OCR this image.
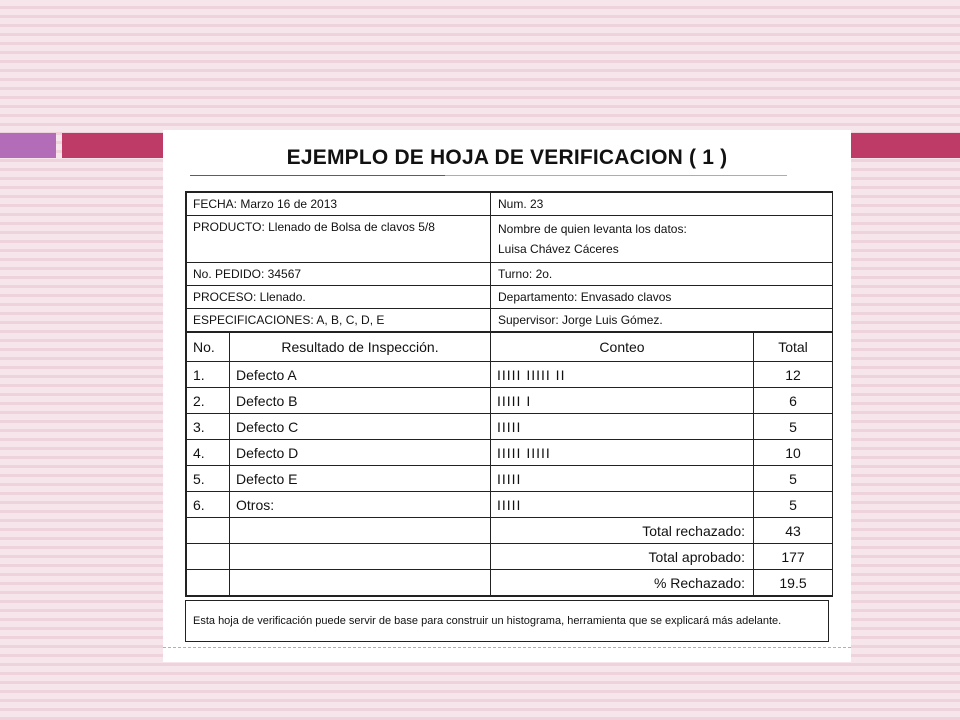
EJEMPLO DE HOJA DE VERIFICACION ( 1 )
FECHA: Marzo 16 de 2013	Num. 23
PRODUCTO: Llenado de Bolsa de clavos 5/8	Nombre de quien levanta los datos:
Luisa Chávez Cáceres

No. PEDIDO: 34567	Turno: 2o.
PROCESO: Llenado.	Departamento: Envasado clavos
ESPECIFICACIONES: A, B, C, D, E	Supervisor: Jorge Luis Gómez.
No.	Resultado de Inspección.	Conteo	Total
1.	Defecto A	IIIII IIIII II	12
2.	Defecto B	IIIII I	6
3.	Defecto C	IIIII	5
4.	Defecto D	IIIII IIIII	10
5.	Defecto E	IIIII	5
6.	Otros:	IIIII	5
		Total rechazado:	43
		Total aprobado:	177
		% Rechazado:	19.5
Esta hoja de verificación puede servir de base para construir un histograma, herramienta que se explicará más adelante.
